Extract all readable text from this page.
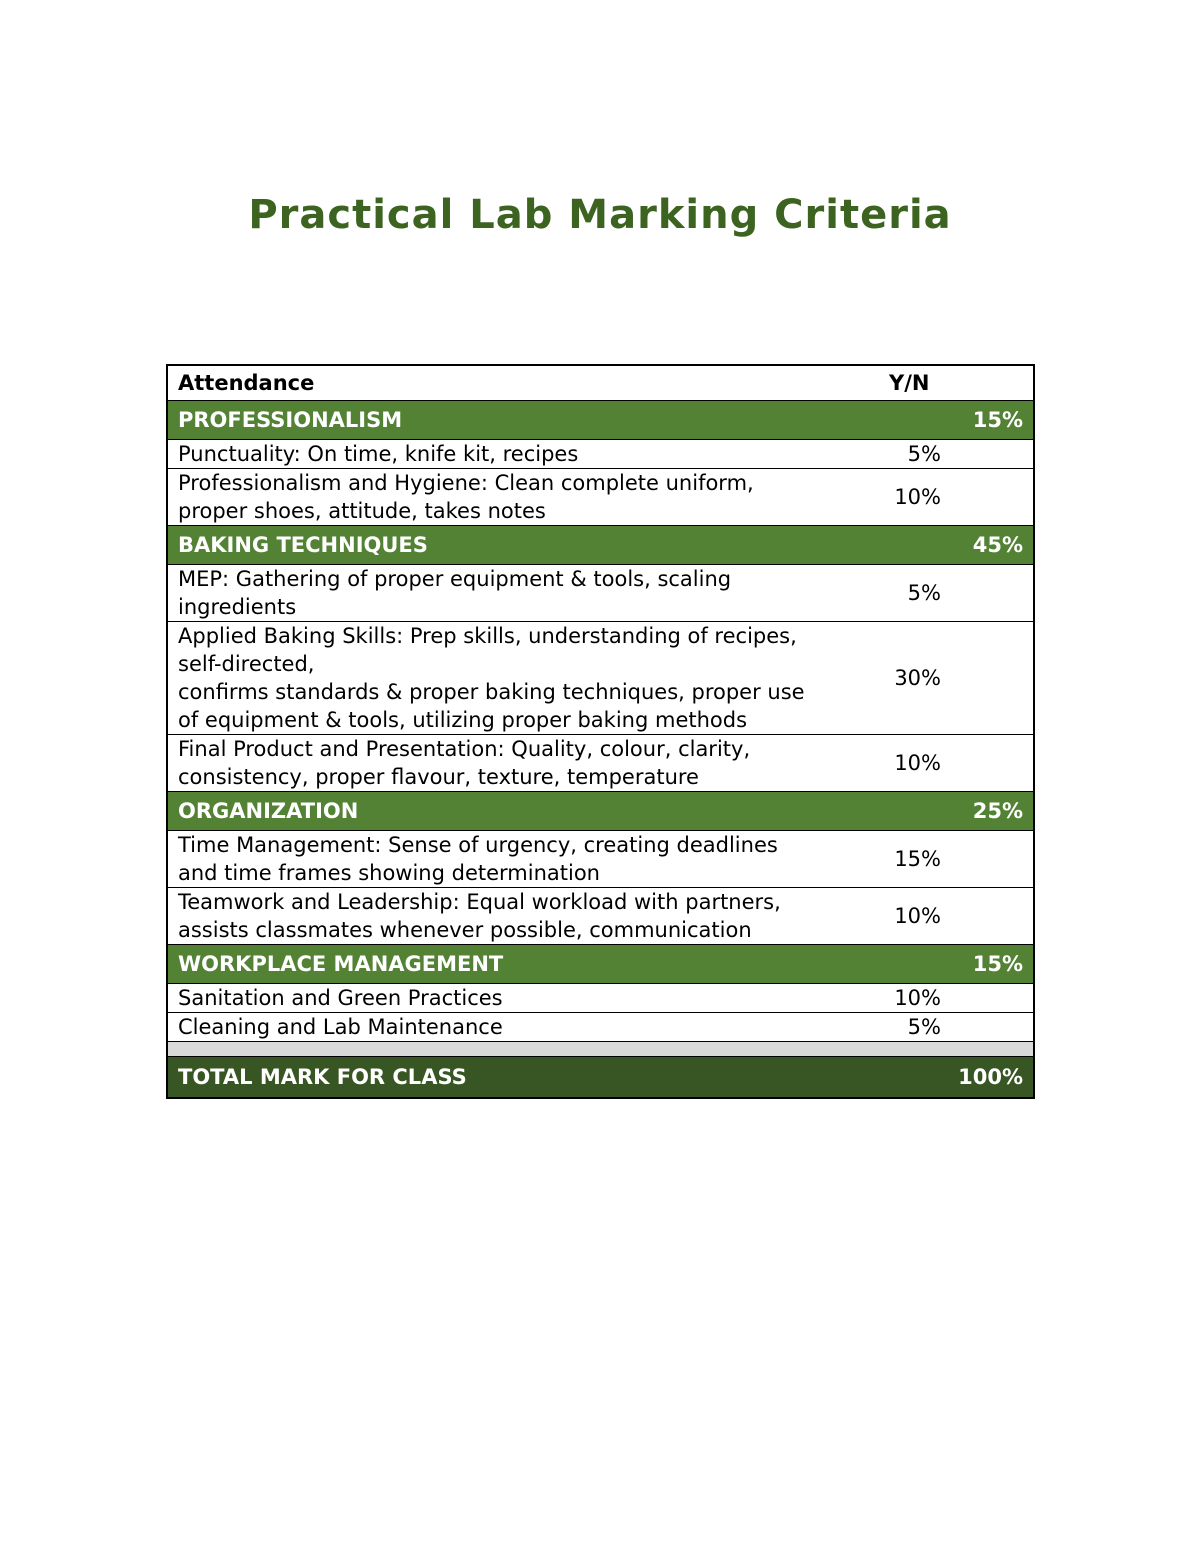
Practical Lab Marking Criteria
Attendance	Y/N	
PROFESSIONALISM		15%
Punctuality: On time, knife kit, recipes	5%	
Professionalism and Hygiene: Clean complete uniform,
proper shoes, attitude, takes notes	10%	
BAKING TECHNIQUES		45%
MEP: Gathering of proper equipment & tools, scaling
ingredients	5%	
Applied Baking Skills: Prep skills, understanding of recipes,
self-directed,
confirms standards & proper baking techniques, proper use
of equipment & tools, utilizing proper baking methods	30%	
Final Product and Presentation: Quality, colour, clarity,
consistency, proper flavour, texture, temperature	10%	
ORGANIZATION		25%
Time Management: Sense of urgency, creating deadlines
and time frames showing determination	15%	
Teamwork and Leadership: Equal workload with partners,
assists classmates whenever possible, communication	10%	
WORKPLACE MANAGEMENT		15%
Sanitation and Green Practices	10%	
Cleaning and Lab Maintenance	5%	

TOTAL MARK FOR CLASS		100%
